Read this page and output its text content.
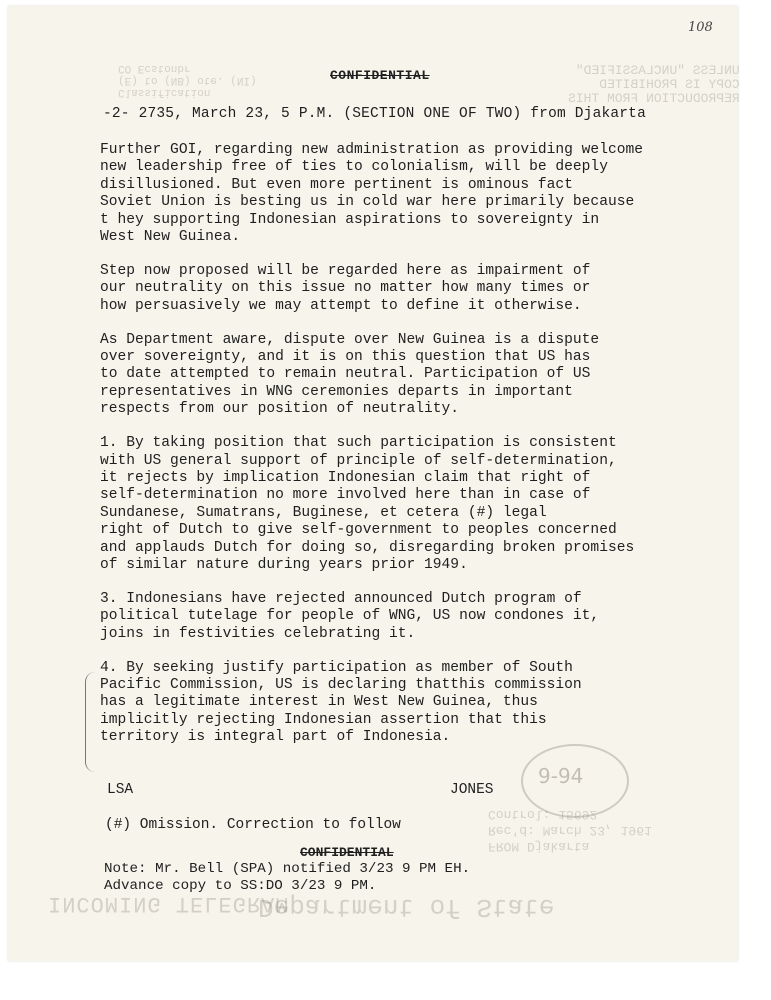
UNLESS "UNCLASSIFIED"
COPY IS PROHIBITED
REPRODUCTION FROM THIS
Classification
(E) to (NB) ote. (NI)
CO Ecstonbr
FROM Djakarta
Rec'd: March 23, 1961
Control: 15692
INCOMING TELEGRAM
Department of State
9-94

108
CONFIDENTIAL
-2- 2735, March 23, 5 P.M. (SECTION ONE OF TWO) from Djakarta

Further GOI, regarding new administration as providing welcome
new leadership free of ties to colonialism, will be deeply
disillusioned. But even more pertinent is ominous fact
Soviet Union is besting us in cold war here primarily because
t hey supporting Indonesian aspirations to sovereignty in
West New Guinea.

Step now proposed will be regarded here as impairment of
our neutrality on this issue no matter how many times or
how persuasively we may attempt to define it otherwise.

As Department aware, dispute over New Guinea is a dispute
over sovereignty, and it is on this question that US has
to date attempted to remain neutral. Participation of US
representatives in WNG ceremonies departs in important
respects from our position of neutrality.

1. By taking position that such participation is consistent
with US general support of principle of self-determination,
it rejects by implication Indonesian claim that right of
self-determination no more involved here than in case of
Sundanese, Sumatrans, Buginese, et cetera (#) legal
right of Dutch to give self-government to peoples concerned
and applauds Dutch for doing so, disregarding broken promises
of similar nature during years prior 1949.

3. Indonesians have rejected announced Dutch program of
political tutelage for people of WNG, US now condones it,
joins in festivities celebrating it.

4. By seeking justify participation as member of South
Pacific Commission, US is declaring thatthis commission
has a legitimate interest in West New Guinea, thus
implicitly rejecting Indonesian assertion that this
territory is integral part of Indonesia.

LSA	JONES
(#) Omission. Correction to follow
CONFIDENTIAL
Note: Mr. Bell (SPA) notified 3/23 9 PM EH.
Advance copy to SS:DO 3/23 9 PM.
